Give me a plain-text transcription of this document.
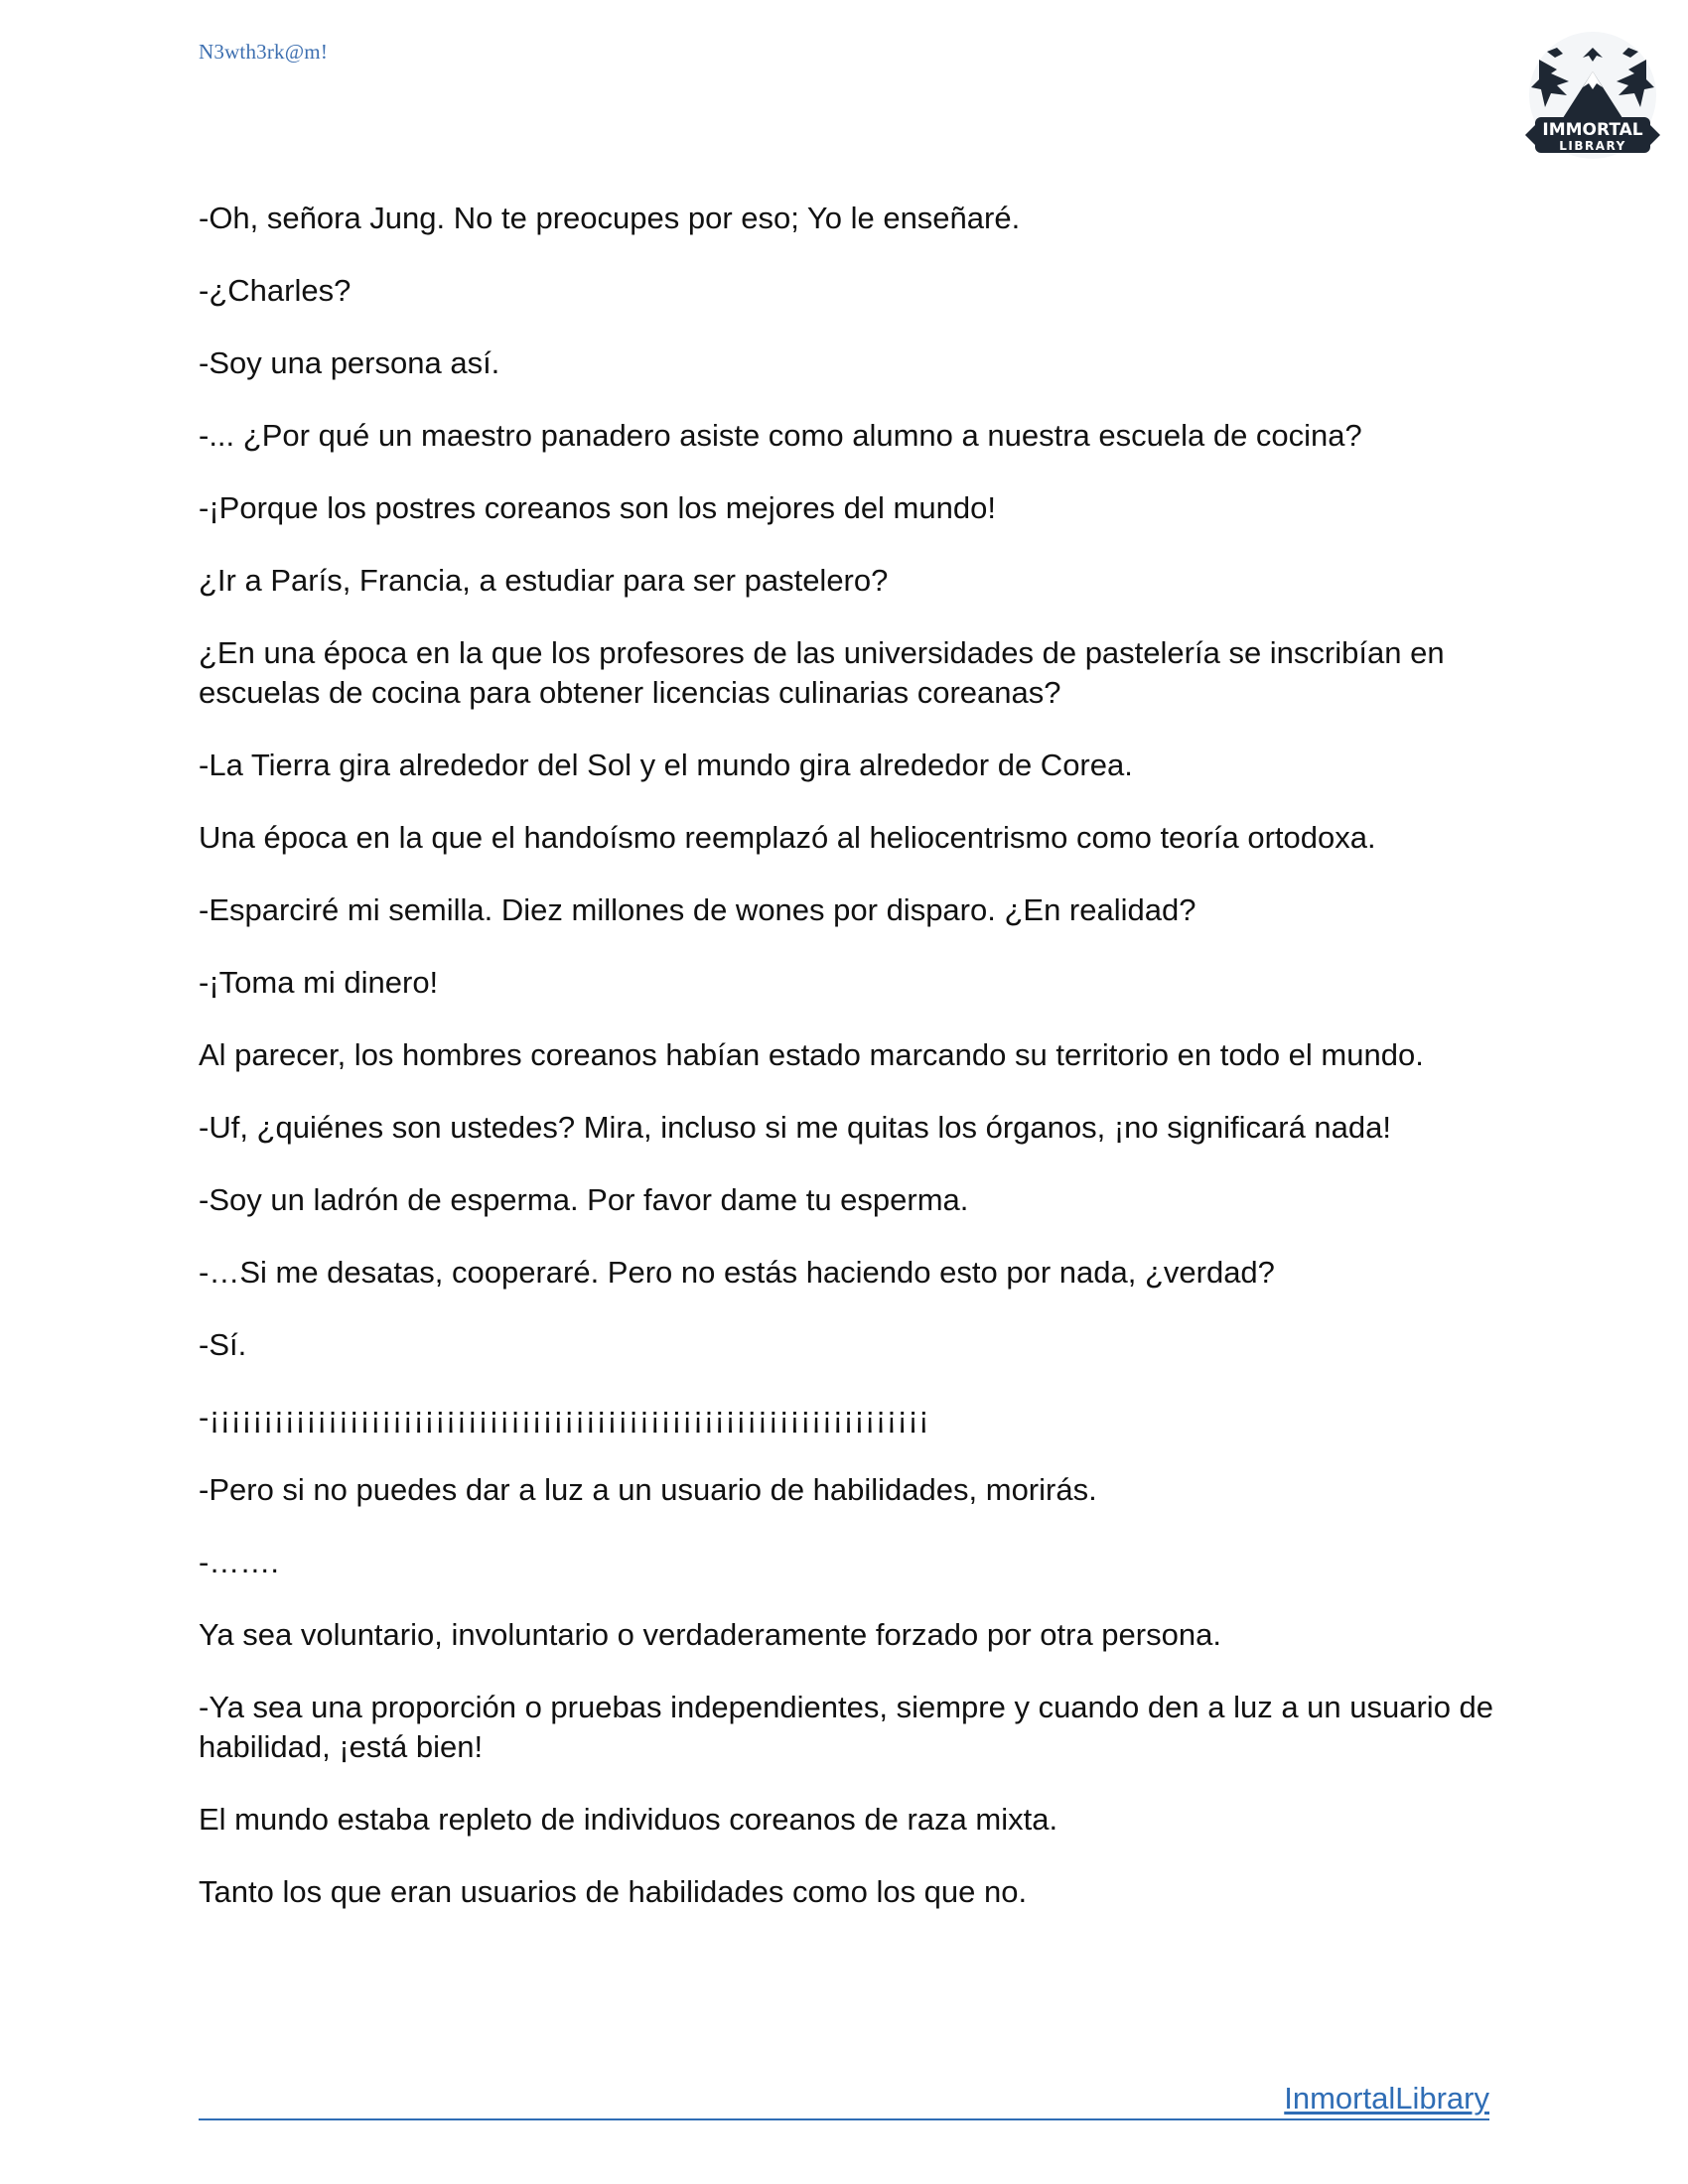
N3wth3rk@m!
IMMORTAL
LIBRARY

-Oh, señora Jung. No te preocupes por eso; Yo le enseñaré.

-¿Charles?

-Soy una persona así.

-... ¿Por qué un maestro panadero asiste como alumno a nuestra escuela de cocina?

-¡Porque los postres coreanos son los mejores del mundo!

¿Ir a París, Francia, a estudiar para ser pastelero?

¿En una época en la que los profesores de las universidades de pastelería se inscribían en escuelas de cocina para obtener licencias culinarias coreanas?

-La Tierra gira alrededor del Sol y el mundo gira alrededor de Corea.

Una época en la que el handoísmo reemplazó al heliocentrismo como teoría ortodoxa.

-Esparciré mi semilla. Diez millones de wones por disparo. ¿En realidad?

-¡Toma mi dinero!

Al parecer, los hombres coreanos habían estado marcando su territorio en todo el mundo.

-Uf, ¿quiénes son ustedes? Mira, incluso si me quitas los órganos, ¡no significará nada!

-Soy un ladrón de esperma. Por favor dame tu esperma.

-…Si me desatas, cooperaré. Pero no estás haciendo esto por nada, ¿verdad?

-Sí.

-¡¡¡¡¡¡¡¡¡¡¡¡¡¡¡¡¡¡¡¡¡¡¡¡¡¡¡¡¡¡¡¡¡¡¡¡¡¡¡¡¡¡¡¡¡¡¡¡¡¡¡¡¡¡¡¡¡¡¡¡¡¡¡¡¡¡¡

-Pero si no puedes dar a luz a un usuario de habilidades, morirás.

-…….

Ya sea voluntario, involuntario o verdaderamente forzado por otra persona.

-Ya sea una proporción o pruebas independientes, siempre y cuando den a luz a un usuario de habilidad, ¡está bien!

El mundo estaba repleto de individuos coreanos de raza mixta.

Tanto los que eran usuarios de habilidades como los que no.

InmortalLibrary
